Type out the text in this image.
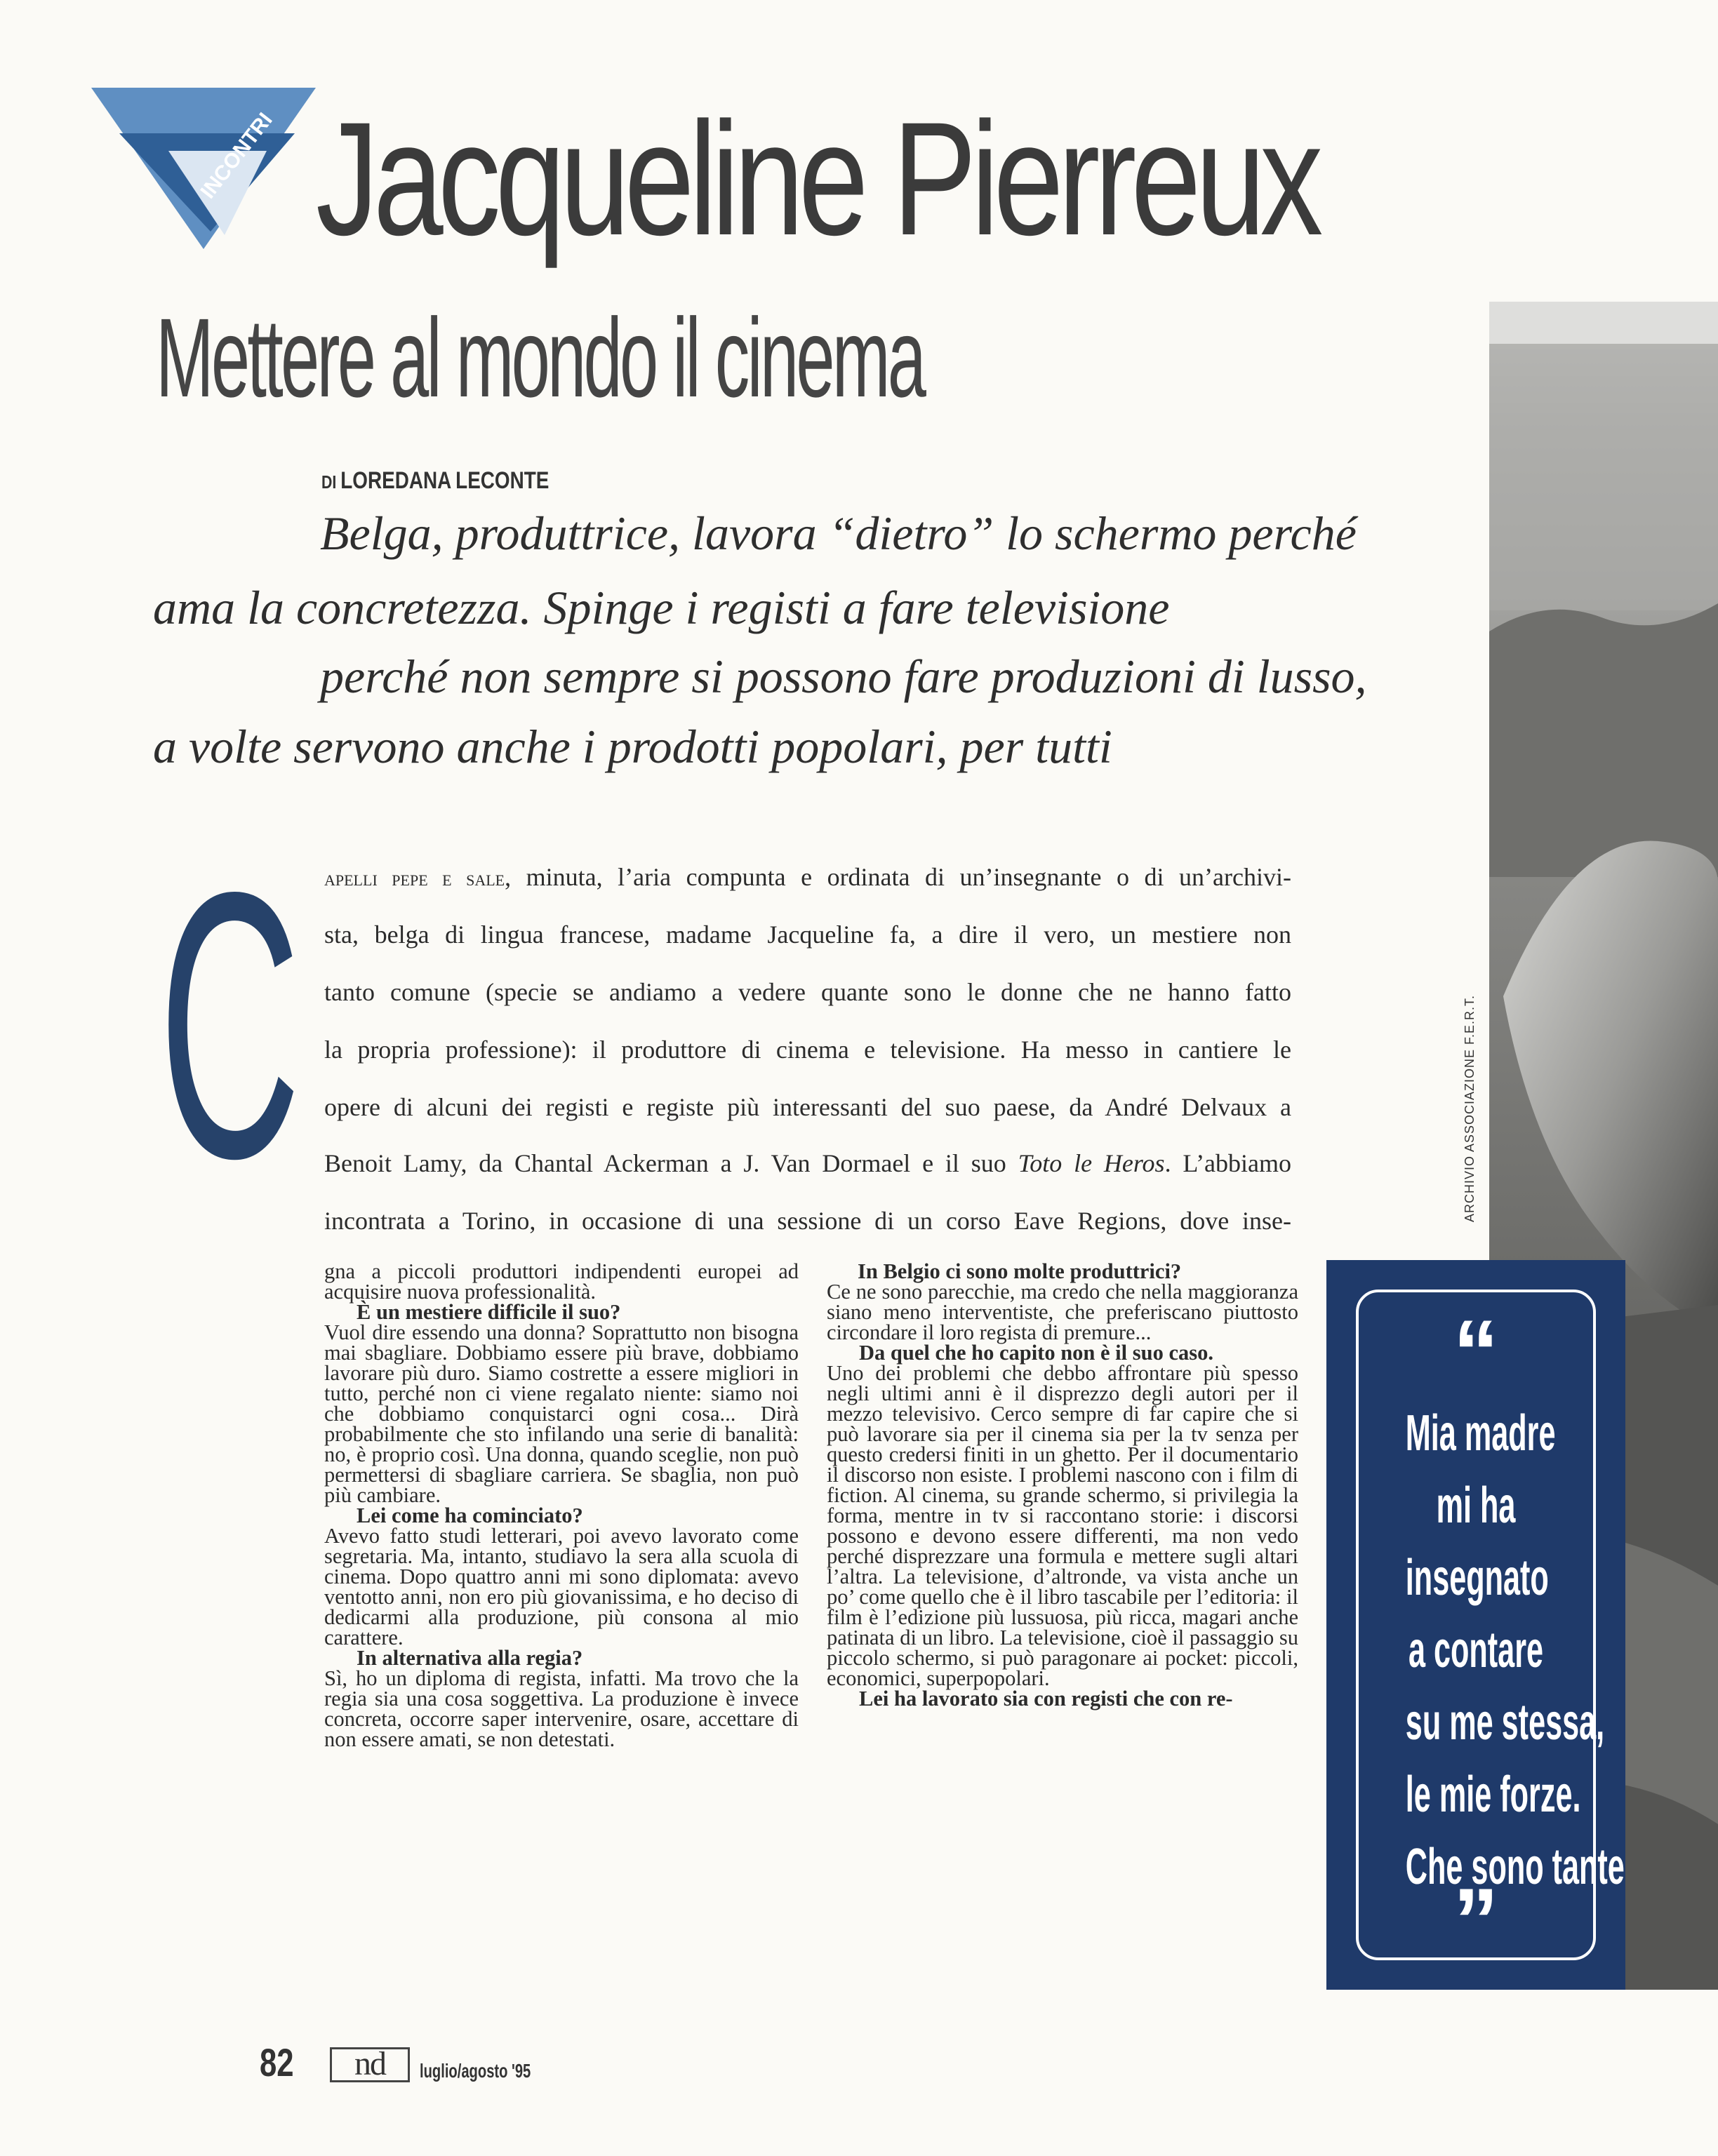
INCONTRI Jacqueline Pierreux
Mettere al mondo il cinema
DI LOREDANA LECONTE
Belga, produttrice, lavora “dietro” lo schermo perché
ama la concretezza. Spinge i registi a fare televisione
perché non sempre si possono fare produzioni di lusso,
a volte servono anche i prodotti popolari, per tutti
C apelli pepe e sale, minuta, l’aria compunta e ordinata di un’insegnante o di un’archivi-
sta, belga di lingua francese, madame Jacqueline fa, a dire il vero, un mestiere non
tanto comune (specie se andiamo a vedere quante sono le donne che ne hanno fatto
la propria professione): il produttore di cinema e televisione. Ha messo in cantiere le
opere di alcuni dei registi e registe più interessanti del suo paese, da André Delvaux a
Benoit Lamy, da Chantal Ackerman a J. Van Dormael e il suo Toto le Heros. L’abbiamo
incontrata a Torino, in occasione di una sessione di un corso Eave Regions, dove inse-

gna a piccoli produttori indipendenti europei ad acquisire nuova professionalità.

È un mestiere difficile il suo?

Vuol dire essendo una donna? Soprattutto non bisogna mai sbagliare. Dobbiamo essere più brave, dobbiamo lavorare più duro. Siamo costrette a essere migliori in tutto, perché non ci viene regalato niente: siamo noi che dobbiamo conquistarci ogni cosa... Dirà probabilmente che sto infilando una serie di banalità: no, è proprio così. Una donna, quando sceglie, non può permettersi di sbagliare carriera. Se sbaglia, non può più cambiare.

Lei come ha cominciato?

Avevo fatto studi letterari, poi avevo lavorato come segretaria. Ma, intanto, studiavo la sera alla scuola di cinema. Dopo quattro anni mi sono diplomata: avevo ventotto anni, non ero più giovanissima, e ho deciso di dedicarmi alla produzione, più consona al mio carattere.

In alternativa alla regia?

Sì, ho un diploma di regista, infatti. Ma trovo che la regia sia una cosa soggettiva. La produzione è invece concreta, occorre saper intervenire, osare, accettare di non essere amati, se non detestati.

In Belgio ci sono molte produttrici?

Ce ne sono parecchie, ma credo che nella maggioranza siano meno interventiste, che preferiscano piuttosto circondare il loro regista di premure...

Da quel che ho capito non è il suo caso.

Uno dei problemi che debbo affrontare più spesso negli ultimi anni è il disprezzo degli autori per il mezzo televisivo. Cerco sempre di far capire che si può lavorare sia per il cinema sia per la tv senza per questo credersi finiti in un ghetto. Per il documentario il discorso non esiste. I problemi nascono con i film di fiction. Al cinema, su grande schermo, si privilegia la forma, mentre in tv si raccontano storie: i discorsi possono e devono essere differenti, ma non vedo perché disprezzare una formula e mettere sugli altari l’altra. La televisione, d’altronde, va vista anche un po’ come quello che è il libro tascabile per l’editoria: il film è l’edizione più lussuosa, più ricca, magari anche patinata di un libro. La televisione, cioè il passaggio su piccolo schermo, si può paragonare ai pocket: piccoli, economici, superpopolari.

Lei ha lavorato sia con registi che con re-

ARCHIVIO ASSOCIAZIONE F.E.R.T.
“
Mia madre
mi ha
insegnato
a contare
su me stessa,
le mie forze.
Che sono tante
”
82	nd	luglio/agosto '95
